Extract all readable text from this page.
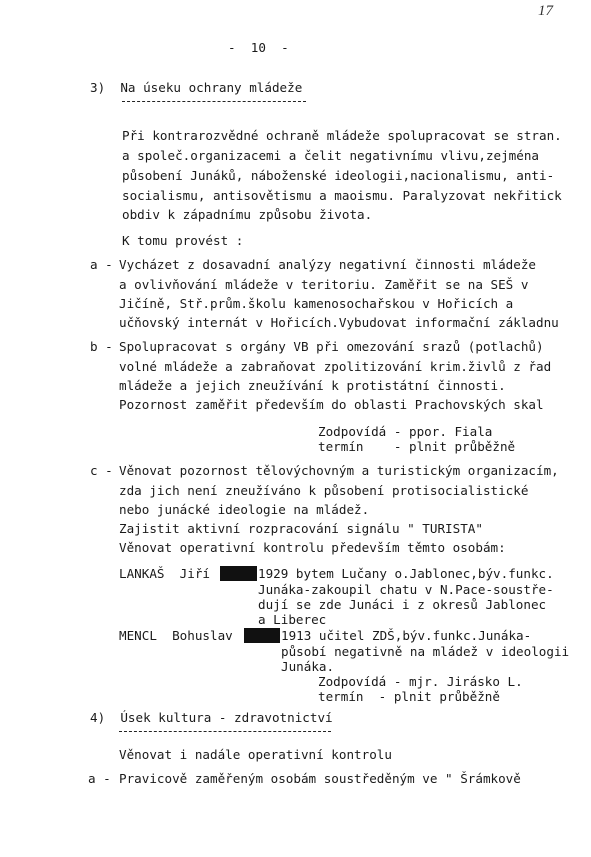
17
-  10  -
3)  Na úseku ochrany mládeže
Při kontrarozvědné ochraně mládeže spolupracovat se stran.
a společ.organizacemi a čelit negativnímu vlivu,zejména
působení Junáků, náboženské ideologii,nacionalismu, anti-
socialismu, antisovětismu a maoismu. Paralyzovat nekřitick
obdiv k západnímu způsobu života.
K tomu provést :
a - Vycházet z dosavadní analýzy negativní činnosti mládeže
a ovlivňování mládeže v teritoriu. Zaměřit se na SEŠ v
Jičíně, Stř.prům.školu kamenosochařskou v Hořicích a
učňovský internát v Hořicích.Vybudovat informační základnu
b - Spolupracovat s orgány VB při omezování srazů (potlachů)
volné mládeže a zabraňovat zpolitizování krim.živlů z řad
mládeže a jejich zneužívání k protistátní činnosti.
Pozornost zaměřit především do oblasti Prachovských skal
Zodpovídá - ppor. Fiala
termín    - plnit průběžně
c - Věnovat pozornost tělovýchovným a turistickým organizacím,
zda jich není zneužíváno k působení protisocialistické
nebo junácké ideologie na mládež.
Zajistit aktivní rozpracování signálu " TURISTA"
Věnovat operativní kontrolu především těmto osobám:
LANKAŠ  Jiří	1929 bytem Lučany o.Jablonec,býv.funkc.
Junáka-zakoupil chatu v N.Pace-soustře-
dují se zde Junáci i z okresů Jablonec
a Liberec
MENCL  Bohuslav	1913 učitel ZDŠ,býv.funkc.Junáka-
působí negativně na mládež v ideologii
Junáka.
Zodpovídá - mjr. Jirásko L.
termín  - plnit průběžně
4)  Úsek kultura - zdravotnictví
Věnovat i nadále operativní kontrolu
a - Pravicově zaměřeným osobám soustředěným ve " Šrámkově
